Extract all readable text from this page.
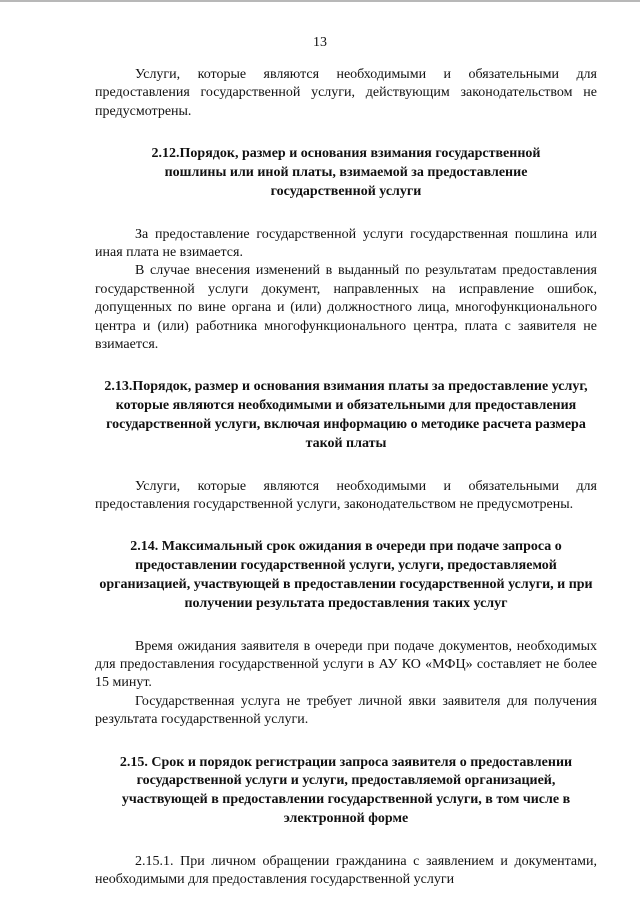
13

Услуги, которые являются необходимыми и обязательными для предоставления государственной услуги, действующим законодательством не предусмотрены.

2.12.Порядок, размер и основания взимания государственной пошлины или иной платы, взимаемой за предоставление государственной услуги

За предоставление государственной услуги государственная пошлина или иная плата не взимается.

В случае внесения изменений в выданный по результатам предоставления государственной услуги документ, направленных на исправление ошибок, допущенных по вине органа и (или) должностного лица, многофункционального центра и (или) работника многофункционального центра, плата с заявителя не взимается.

2.13.Порядок, размер и основания взимания платы за предоставление услуг, которые являются необходимыми и обязательными для предоставления государственной услуги, включая информацию о методике расчета размера такой платы

Услуги, которые являются необходимыми и обязательными для предоставления государственной услуги, законодательством не предусмотрены.

2.14. Максимальный срок ожидания в очереди при подаче запроса о предоставлении государственной услуги, услуги, предоставляемой организацией, участвующей в предоставлении государственной услуги, и при получении результата предоставления таких услуг

Время ожидания заявителя в очереди при подаче документов, необходимых для предоставления государственной услуги в АУ КО «МФЦ» составляет не более 15 минут.

Государственная услуга не требует личной явки заявителя для получения результата государственной услуги.

2.15. Срок и порядок регистрации запроса заявителя о предоставлении государственной услуги и услуги, предоставляемой организацией, участвующей в предоставлении государственной услуги, в том числе в электронной форме

2.15.1. При личном обращении гражданина с заявлением и документами, необходимыми для предоставления государственной услуги
